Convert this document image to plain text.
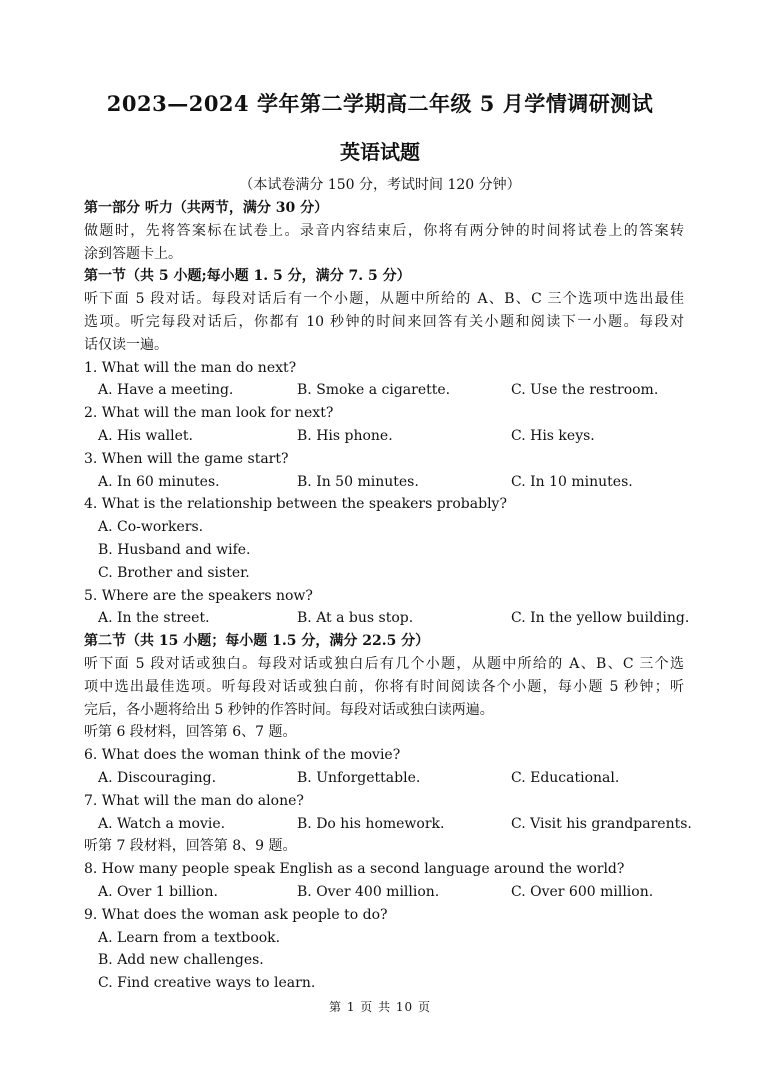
2023—2024 学年第二学期高二年级 5 月学情调研测试
英语试题
（本试卷满分 150 分，考试时间 120 分钟）
第一部分 听力（共两节，满分 30 分）
做题时，先将答案标在试卷上。录音内容结束后，你将有两分钟的时间将试卷上的答案转
涂到答题卡上。
第一节（共 5 小题;每小题 1. 5 分，满分 7. 5 分）
听下面 5 段对话。每段对话后有一个小题，从题中所给的 A、B、C 三个选项中选出最佳
选项。听完每段对话后，你都有 10 秒钟的时间来回答有关小题和阅读下一小题。每段对
话仅读一遍。
1. What will the man do next?
A. Have a meeting.	B. Smoke a cigarette.	C. Use the restroom.
2. What will the man look for next?
A. His wallet.	B. His phone.	C. His keys.
3. When will the game start?
A. In 60 minutes.	B. In 50 minutes.	C. In 10 minutes.
4. What is the relationship between the speakers probably?
A. Co-workers.
B. Husband and wife.
C. Brother and sister.
5. Where are the speakers now?
A. In the street.	B. At a bus stop.	C. In the yellow building.
第二节（共 15 小题；每小题 1.5 分，满分 22.5 分）
听下面 5 段对话或独白。每段对话或独白后有几个小题，从题中所给的 A、B、C 三个选
项中选出最佳选项。听每段对话或独白前，你将有时间阅读各个小题，每小题 5 秒钟；听
完后，各小题将给出 5 秒钟的作答时间。每段对话或独白读两遍。
听第 6 段材料，回答第 6、7 题。
6. What does the woman think of the movie?
A. Discouraging.	B. Unforgettable.	C. Educational.
7. What will the man do alone?
A. Watch a movie.	B. Do his homework.	C. Visit his grandparents.
听第 7 段材料，回答第 8、9 题。
8. How many people speak English as a second language around the world?
A. Over 1 billion.	B. Over 400 million.	C. Over 600 million.
9. What does the woman ask people to do?
A. Learn from a textbook.
B. Add new challenges.
C. Find creative ways to learn.
第 1 页 共 10 页
